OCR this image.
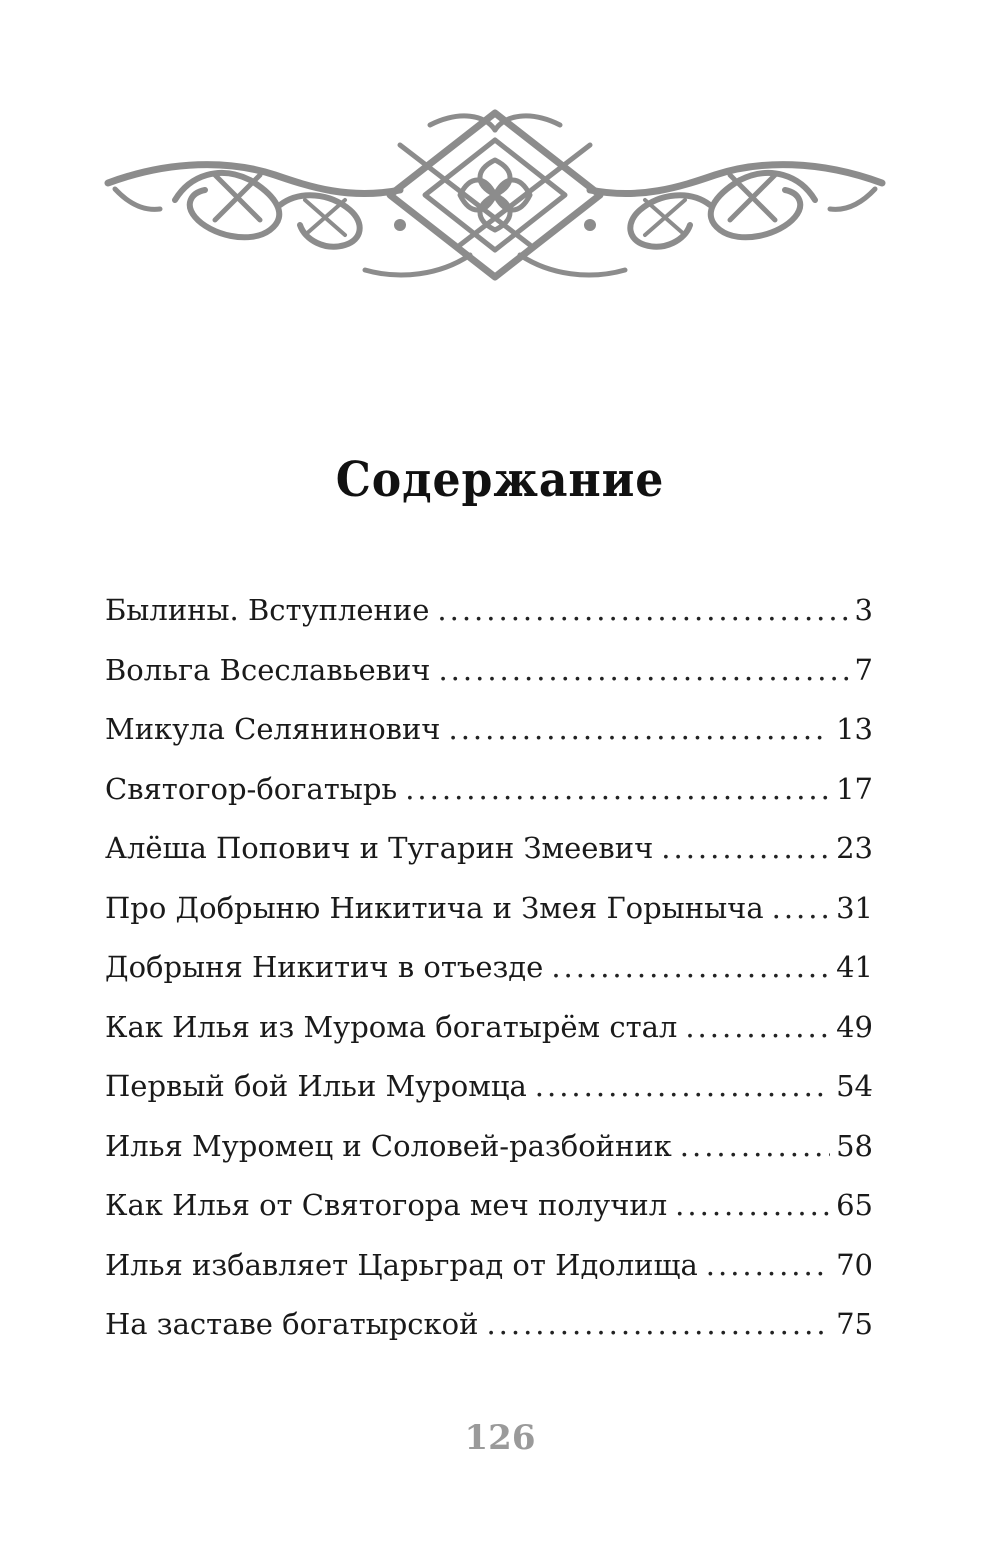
Содержание
Былины. Вступление .....	3
Вольга Всеславьевич .....	7
Микула Селянинович .....	13
Святогор-богатырь .....	17
Алёша Попович и Тугарин Змеевич .....	23
Про Добрыню Никитича и Змея Горыныча ..... 31
Добрыня Никитич в отъезде .....	41
Как Илья из Мурома богатырём стал .....	49
Первый бой Ильи Муромца .....	54
Илья Муромец и Соловей-разбойник .....	58
Как Илья от Святогора меч получил .....	65
Илья избавляет Царьград от Идолища .....	70
На заставе богатырской .....	75
126
